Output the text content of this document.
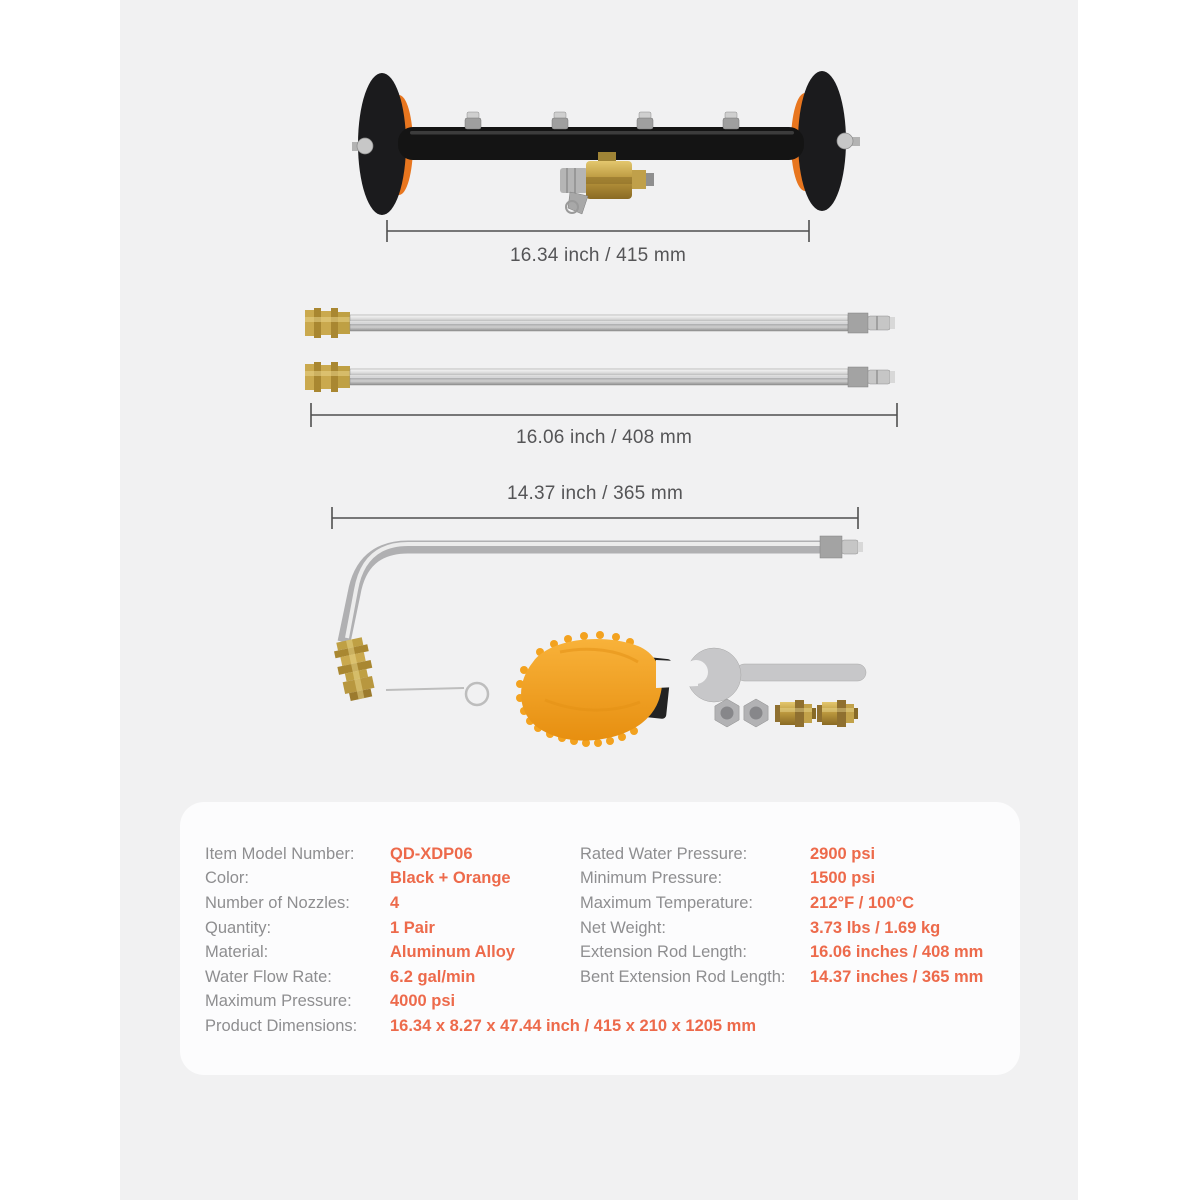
16.34 inch / 415 mm
16.06 inch / 408 mm
14.37 inch / 365 mm
Item Model Number:	QD-XDP06
Color:	Black + Orange
Number of Nozzles:	4
Quantity:	1 Pair
Material:	Aluminum Alloy
Water Flow Rate:	6.2 gal/min
Maximum Pressure:	4000 psi
Product Dimensions:	16.34 x 8.27 x 47.44 inch / 415 x 210 x 1205 mm
Rated Water Pressure:	2900 psi
Minimum Pressure:	1500 psi
Maximum Temperature:	212°F / 100°C
Net Weight:	3.73 lbs / 1.69 kg
Extension Rod Length:	16.06 inches / 408 mm
Bent Extension Rod Length:	14.37 inches / 365 mm
